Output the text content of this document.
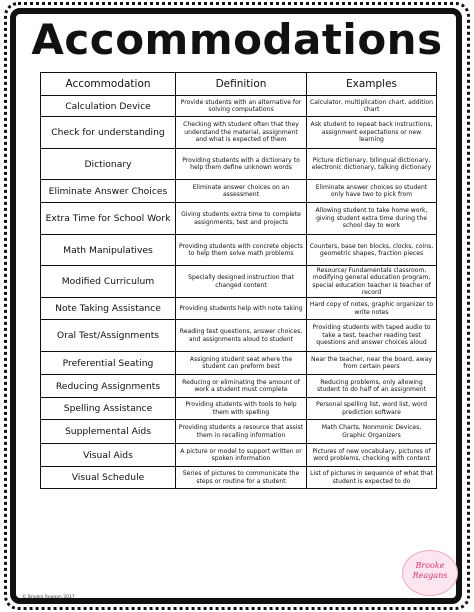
Accommodations
Accommodation	Definition	Examples
Calculation Device	Provide students with an alternative for solving computations	Calculator, multiplication chart, addition chart
Check for understanding	Checking with student often that they understand the material, assignment and what is expected of them	Ask student to repeat back instructions, assignment expectations or new learning
Dictionary	Providing students with a dictionary to help them define unknown words	Picture dictionary, bilingual dictionary, electronic dictionary, talking dictionary
Eliminate Answer Choices	Eliminate answer choices on an assessment	Eliminate answer choices so student only have two to pick from
Extra Time for School Work	Giving students extra time to complete assignments, test and projects	Allowing student to take home work, giving student extra time during the school day to work
Math Manipulatives	Providing students with concrete objects to help them solve math problems	Counters, base ten blocks, clocks, coins, geometric shapes, fraction pieces
Modified Curriculum	Specially designed instruction that changed content	Resource/ Fundamentals classroom, modifying general education program, special education teacher is teacher of record
Note Taking Assistance	Providing students help with note taking	Hard copy of notes, graphic organizer to write notes
Oral Test/Assignments	Reading test questions, answer choices, and assignments aloud to student	Providing students with taped audio to take a test, teacher reading test questions and answer choices aloud
Preferential Seating	Assigning student seat where the student can preform best	Near the teacher, near the board, away from certain peers
Reducing Assignments	Reducing or eliminating the amount of work a student must complete	Reducing problems, only allowing student to do half of an assignment
Spelling Assistance	Providing students with tools to help them with spelling	Personal spelling list, word list, word prediction software
Supplemental Aids	Providing students a resource that assist them in recalling information	Math Charts, Nonmonic Devices, Graphic Organizers
Visual Aids	A picture or model to support written or spoken information	Pictures of new vocabulary, pictures of word problems, checking with content
Visual Schedule	Series of pictures to communicate the steps or routine for a student	List of pictures in sequence of what that student is expected to do
© Brooke Reagan 2017
Brooke
Reagans
